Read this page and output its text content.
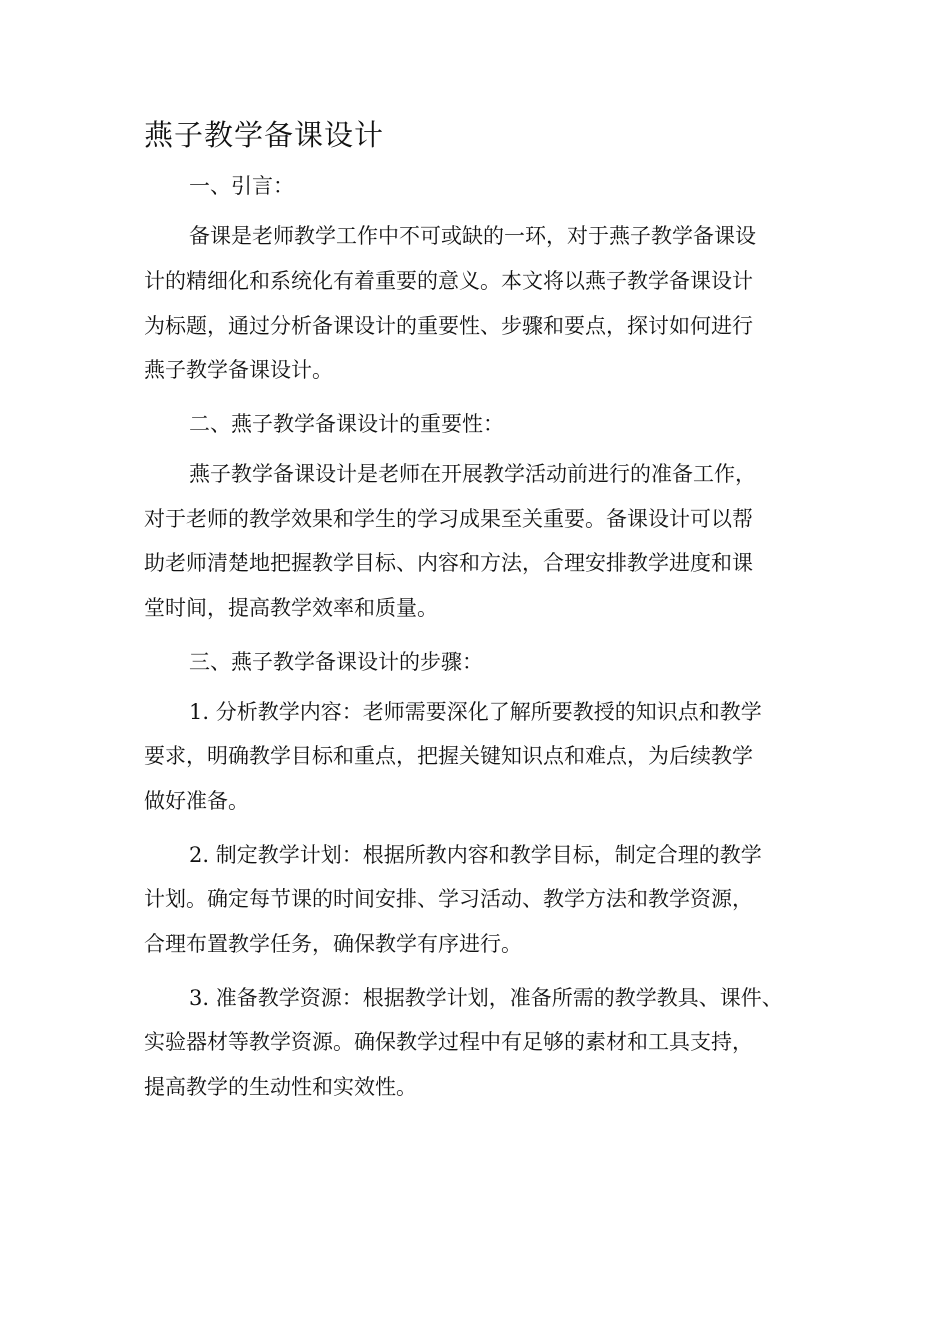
燕子教学备课设计

一、引言：

备课是老师教学工作中不可或缺的一环，对于燕子教学备课设

计的精细化和系统化有着重要的意义。本文将以燕子教学备课设计

为标题，通过分析备课设计的重要性、步骤和要点，探讨如何进行

燕子教学备课设计。

二、燕子教学备课设计的重要性：

燕子教学备课设计是老师在开展教学活动前进行的准备工作，

对于老师的教学效果和学生的学习成果至关重要。备课设计可以帮

助老师清楚地把握教学目标、内容和方法，合理安排教学进度和课

堂时间，提高教学效率和质量。

三、燕子教学备课设计的步骤：

1. 分析教学内容：老师需要深化了解所要教授的知识点和教学

要求，明确教学目标和重点，把握关键知识点和难点，为后续教学

做好准备。

2. 制定教学计划：根据所教内容和教学目标，制定合理的教学

计划。确定每节课的时间安排、学习活动、教学方法和教学资源，

合理布置教学任务，确保教学有序进行。

3. 准备教学资源：根据教学计划，准备所需的教学教具、课件、

实验器材等教学资源。确保教学过程中有足够的素材和工具支持，

提高教学的生动性和实效性。
